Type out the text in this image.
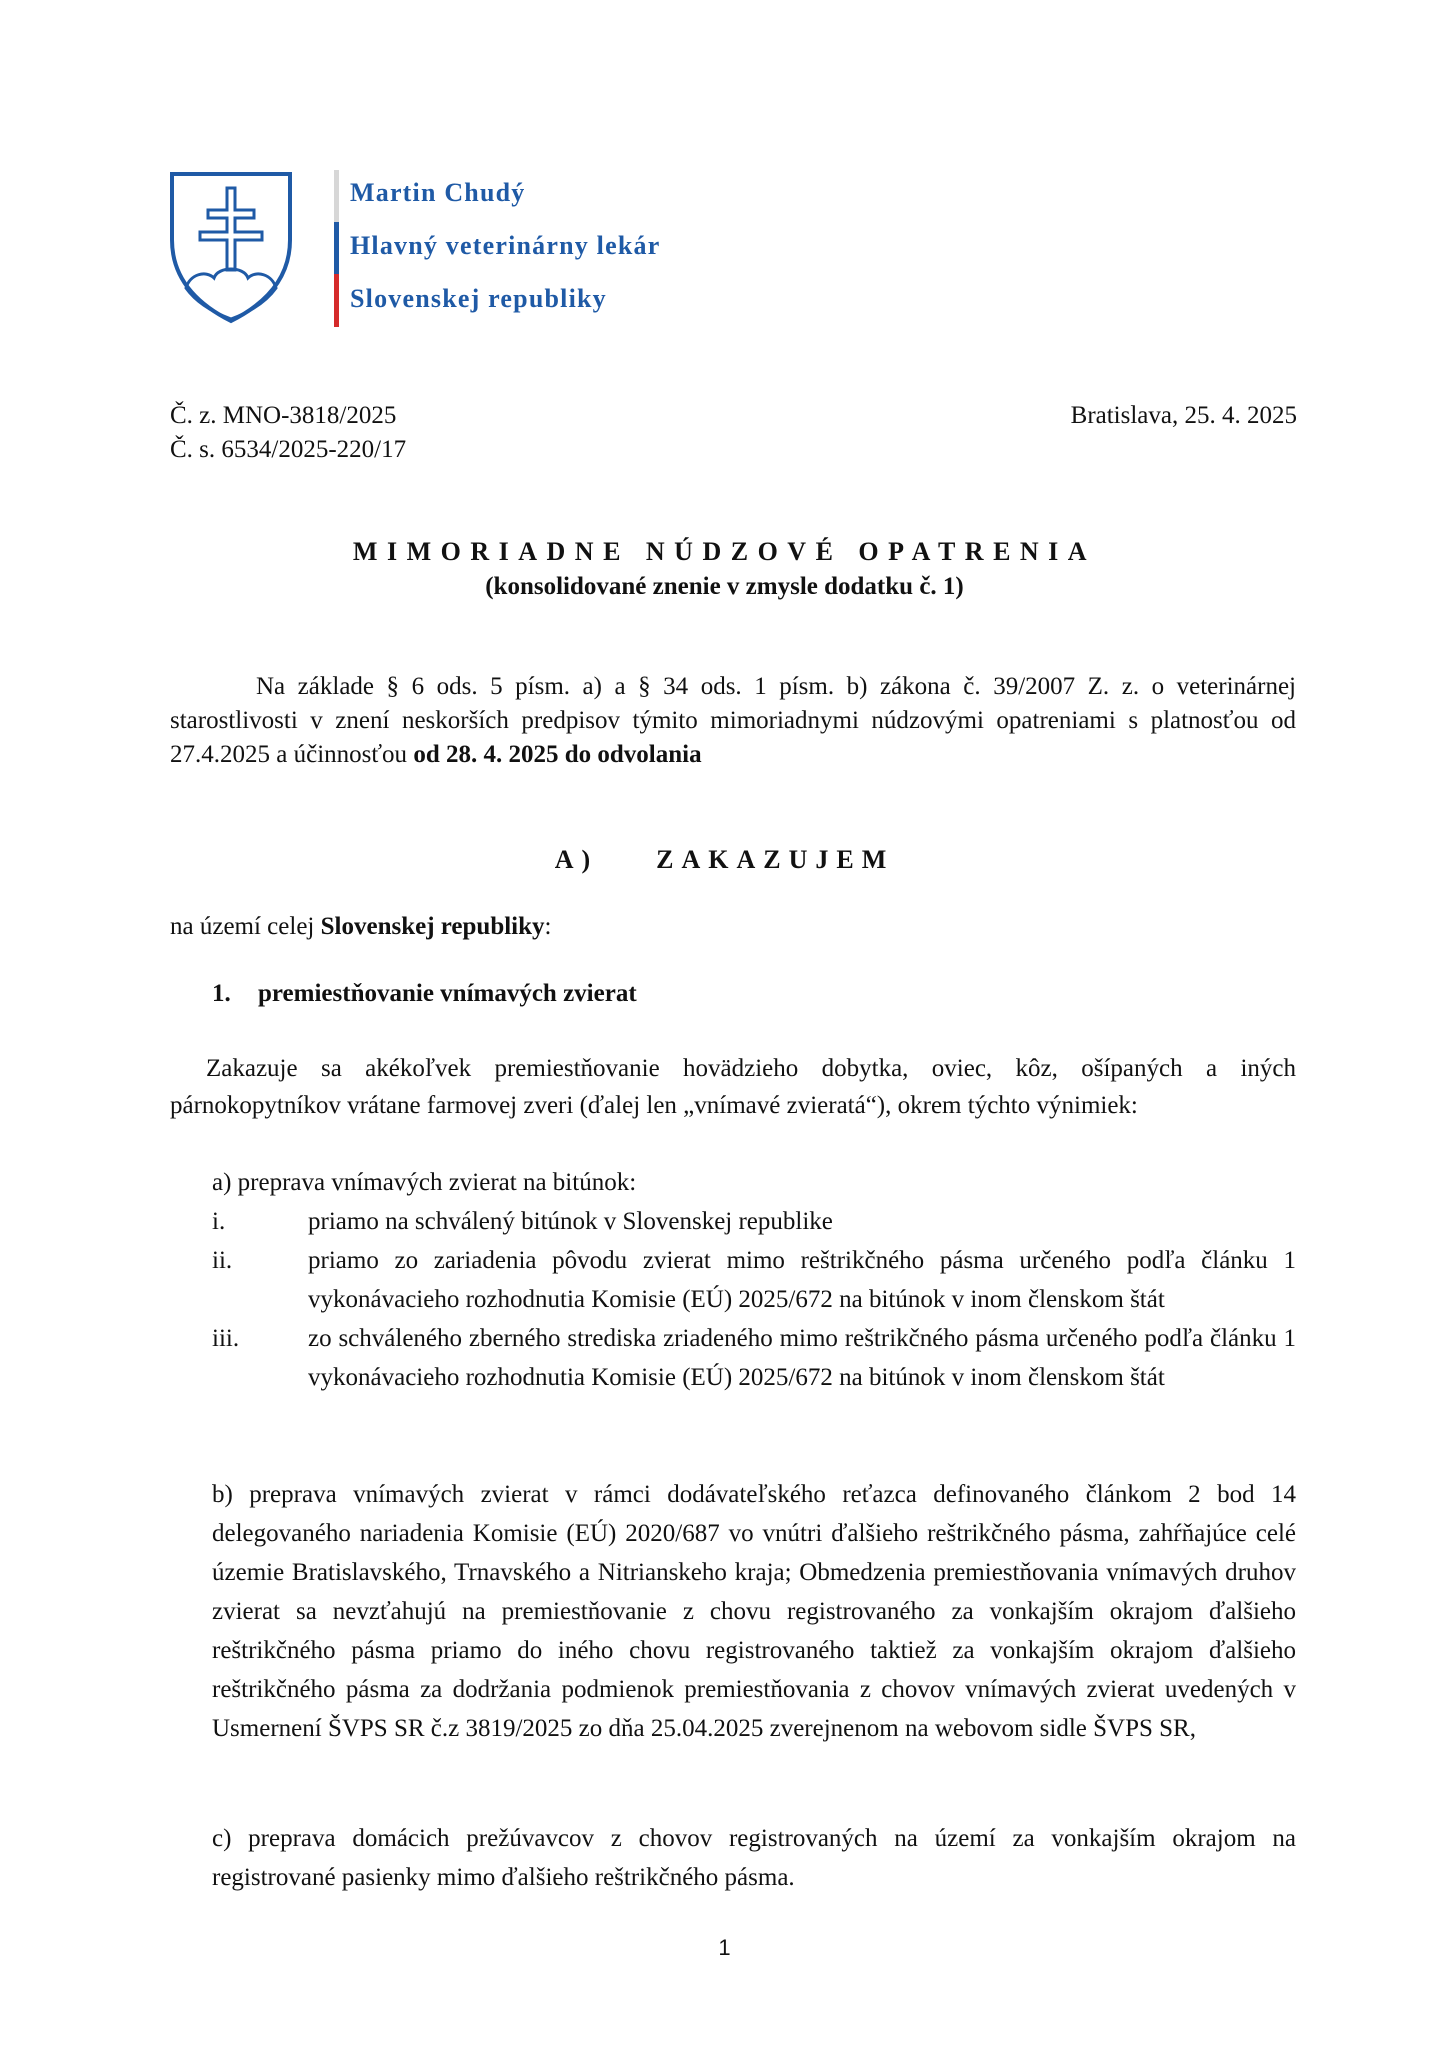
Martin Chudý
Hlavný veterinárny lekár
Slovenskej republiky
Č. z. MNO-3818/2025
Č. s. 6534/2025-220/17
Bratislava, 25. 4. 2025
MIMORIADNE NÚDZOVÉ OPATRENIA
(konsolidované znenie v zmysle dodatku č. 1)
Na základe § 6 ods. 5 písm. a) a § 34 ods. 1 písm. b) zákona č. 39/2007 Z. z. o veterinárnej starostlivosti v znení neskorších predpisov týmito mimoriadnymi núdzovými opatreniami s platnosťou od 27.4.2025 a účinnosťou od 28. 4. 2025 do odvolania
A) ZAKAZUJEM
na území celej Slovenskej republiky:
1. premiestňovanie vnímavých zvierat
Zakazuje sa akékoľvek premiestňovanie hovädzieho dobytka, oviec, kôz, ošípaných a iných párnokopytníkov vrátane farmovej zveri (ďalej len „vnímavé zvieratá“), okrem týchto výnimiek:
a) preprava vnímavých zvierat na bitúnok:
i.	priamo na schválený bitúnok v Slovenskej republike
ii.	priamo zo zariadenia pôvodu zvierat mimo reštrikčného pásma určeného podľa článku 1 vykonávacieho rozhodnutia Komisie (EÚ) 2025/672 na bitúnok v inom členskom štát
iii.	zo schváleného zberného strediska zriadeného mimo reštrikčného pásma určeného podľa článku 1 vykonávacieho rozhodnutia Komisie (EÚ) 2025/672 na bitúnok v inom členskom štát
b) preprava vnímavých zvierat v rámci dodávateľského reťazca definovaného článkom 2 bod 14 delegovaného nariadenia Komisie (EÚ) 2020/687 vo vnútri ďalšieho reštrikčného pásma, zahŕňajúce celé územie Bratislavského, Trnavského a Nitrianskeho kraja; Obmedzenia premiestňovania vnímavých druhov zvierat sa nevzťahujú na premiestňovanie z chovu registrovaného za vonkajším okrajom ďalšieho reštrikčného pásma priamo do iného chovu registrovaného taktiež za vonkajším okrajom ďalšieho reštrikčného pásma za dodržania podmienok premiestňovania z chovov vnímavých zvierat uvedených v Usmernení ŠVPS SR č.z 3819/2025 zo dňa 25.04.2025 zverejnenom na webovom sidle ŠVPS SR,
c) preprava domácich prežúvavcov z chovov registrovaných na území za vonkajším okrajom na registrované pasienky mimo ďalšieho reštrikčného pásma.
1
